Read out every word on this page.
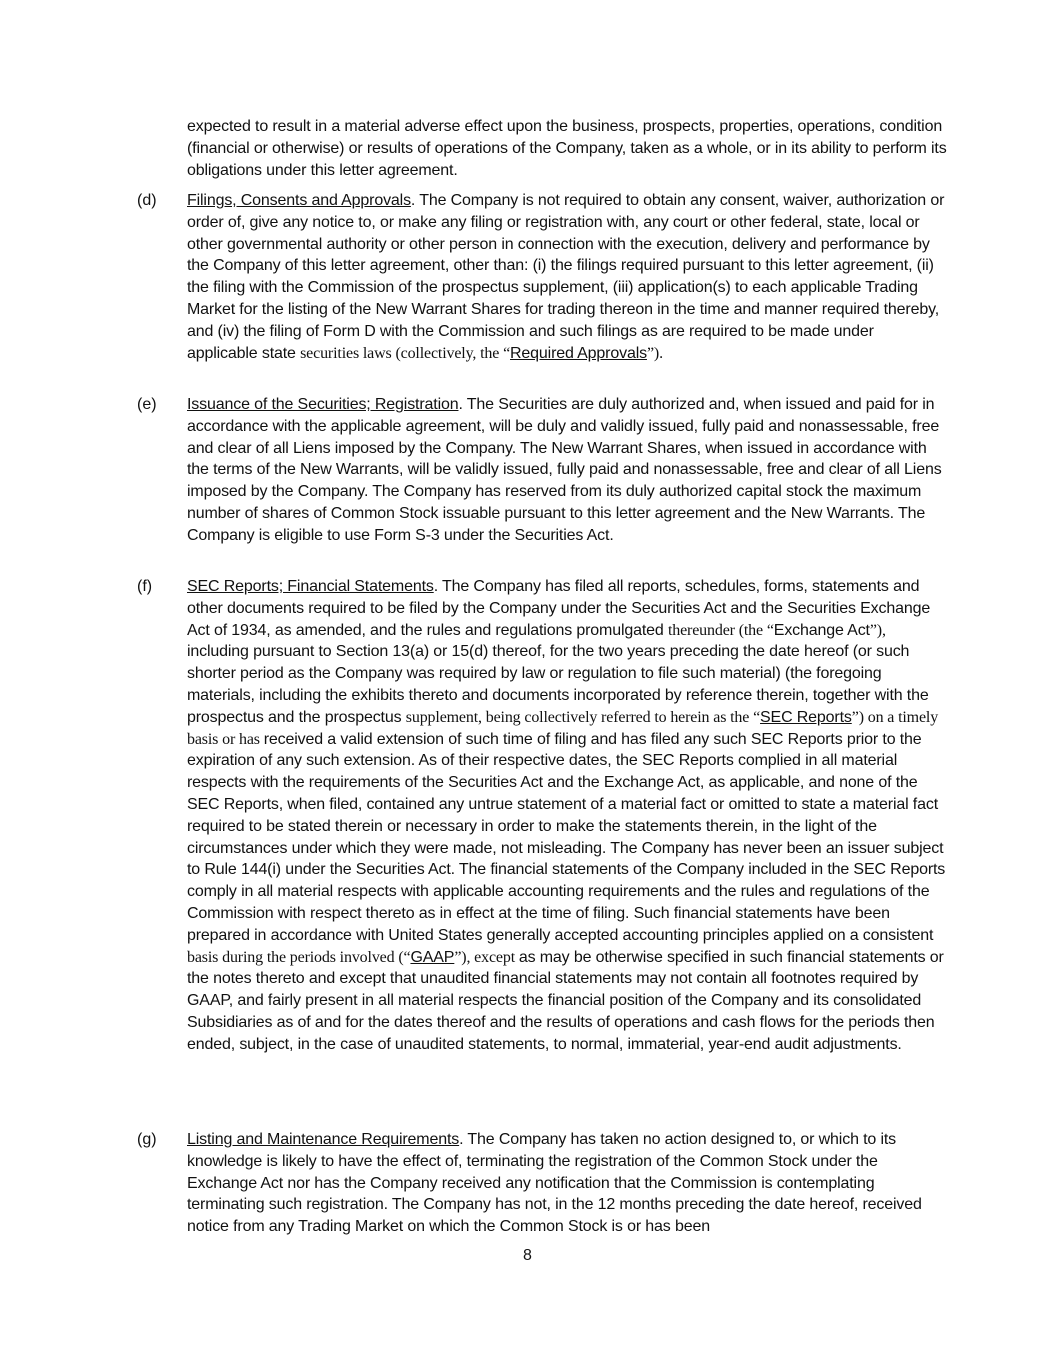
expected to result in a material adverse effect upon the business, prospects, properties, operations, condition (financial or otherwise) or results of operations of the Company, taken as a whole, or in its ability to perform its obligations under this letter agreement.
(d) Filings, Consents and Approvals. The Company is not required to obtain any consent, waiver, authorization or order of, give any notice to, or make any filing or registration with, any court or other federal, state, local or other governmental authority or other person in connection with the execution, delivery and performance by the Company of this letter agreement, other than: (i) the filings required pursuant to this letter agreement, (ii) the filing with the Commission of the prospectus supplement, (iii) application(s) to each applicable Trading Market for the listing of the New Warrant Shares for trading thereon in the time and manner required thereby, and (iv) the filing of Form D with the Commission and such filings as are required to be made under applicable state securities laws (collectively, the “Required Approvals”).
(e) Issuance of the Securities; Registration. The Securities are duly authorized and, when issued and paid for in accordance with the applicable agreement, will be duly and validly issued, fully paid and nonassessable, free and clear of all Liens imposed by the Company. The New Warrant Shares, when issued in accordance with the terms of the New Warrants, will be validly issued, fully paid and nonassessable, free and clear of all Liens imposed by the Company. The Company has reserved from its duly authorized capital stock the maximum number of shares of Common Stock issuable pursuant to this letter agreement and the New Warrants. The Company is eligible to use Form S-3 under the Securities Act.
(f) SEC Reports; Financial Statements. The Company has filed all reports, schedules, forms, statements and other documents required to be filed by the Company under the Securities Act and the Securities Exchange Act of 1934, as amended, and the rules and regulations promulgated thereunder (the “Exchange Act”), including pursuant to Section 13(a) or 15(d) thereof, for the two years preceding the date hereof (or such shorter period as the Company was required by law or regulation to file such material) (the foregoing materials, including the exhibits thereto and documents incorporated by reference therein, together with the prospectus and the prospectus supplement, being collectively referred to herein as the “SEC Reports”) on a timely basis or has received a valid extension of such time of filing and has filed any such SEC Reports prior to the expiration of any such extension. As of their respective dates, the SEC Reports complied in all material respects with the requirements of the Securities Act and the Exchange Act, as applicable, and none of the SEC Reports, when filed, contained any untrue statement of a material fact or omitted to state a material fact required to be stated therein or necessary in order to make the statements therein, in the light of the circumstances under which they were made, not misleading. The Company has never been an issuer subject to Rule 144(i) under the Securities Act. The financial statements of the Company included in the SEC Reports comply in all material respects with applicable accounting requirements and the rules and regulations of the Commission with respect thereto as in effect at the time of filing. Such financial statements have been prepared in accordance with United States generally accepted accounting principles applied on a consistent basis during the periods involved (“GAAP”), except as may be otherwise specified in such financial statements or the notes thereto and except that unaudited financial statements may not contain all footnotes required by GAAP, and fairly present in all material respects the financial position of the Company and its consolidated Subsidiaries as of and for the dates thereof and the results of operations and cash flows for the periods then ended, subject, in the case of unaudited statements, to normal, immaterial, year-end audit adjustments.
(g) Listing and Maintenance Requirements. The Company has taken no action designed to, or which to its knowledge is likely to have the effect of, terminating the registration of the Common Stock under the Exchange Act nor has the Company received any notification that the Commission is contemplating terminating such registration. The Company has not, in the 12 months preceding the date hereof, received notice from any Trading Market on which the Common Stock is or has been
8
